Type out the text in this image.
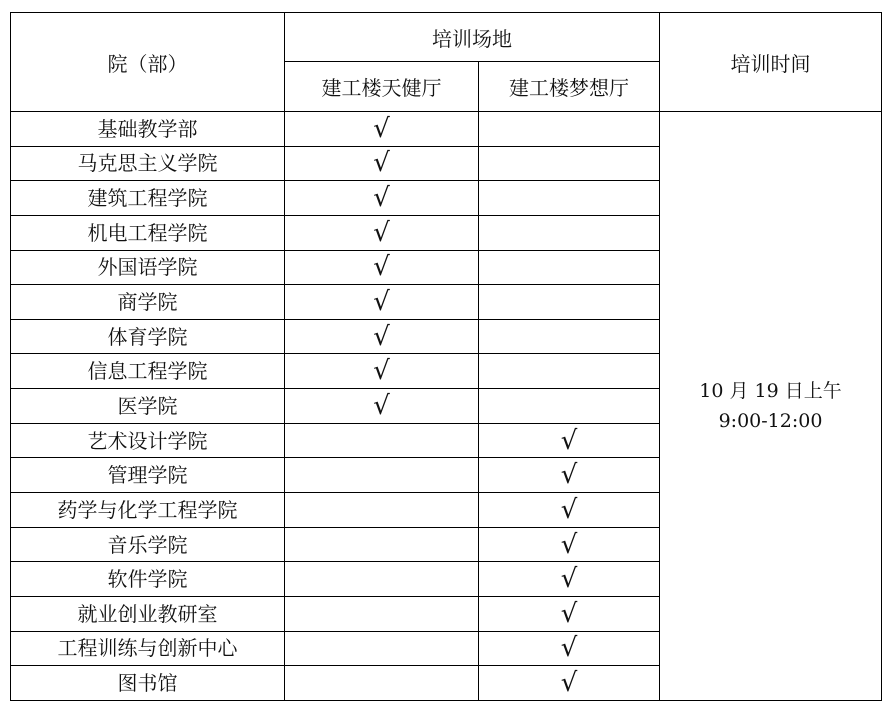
院（部）	培训场地		培训时间
	建工楼天健厅	建工楼梦想厅	
基础教学部	√		10 月 19 日上午
9:00-12:00

马克思主义学院	√		
建筑工程学院	√		
机电工程学院	√		
外国语学院	√		
商学院	√		
体育学院	√		
信息工程学院	√		
医学院	√		
艺术设计学院		√	
管理学院		√	
药学与化学工程学院		√	
音乐学院		√	
软件学院		√	
就业创业教研室		√	
工程训练与创新中心		√	
图书馆		√	
